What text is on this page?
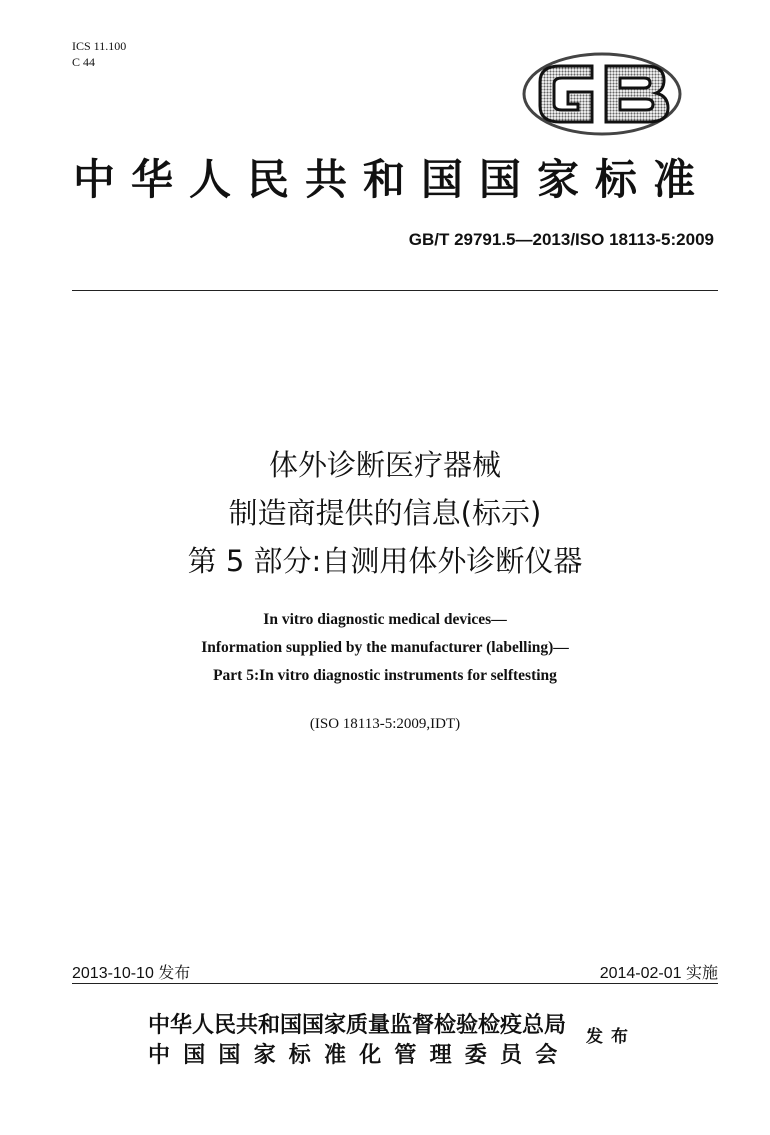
ICS 11.100
C 44
中华人民共和国国家标准
GB/T 29791.5—2013/ISO 18113-5:2009
体外诊断医疗器械
制造商提供的信息(标示)
第 5 部分:自测用体外诊断仪器
In vitro diagnostic medical devices—
Information supplied by the manufacturer (labelling)—
Part 5:In vitro diagnostic instruments for selftesting
(ISO 18113-5:2009,IDT)
2013-10-10 发布	2014-02-01 实施
中华人民共和国国家质量监督检验检疫总局
中国国家标准化管理委员会
发布
